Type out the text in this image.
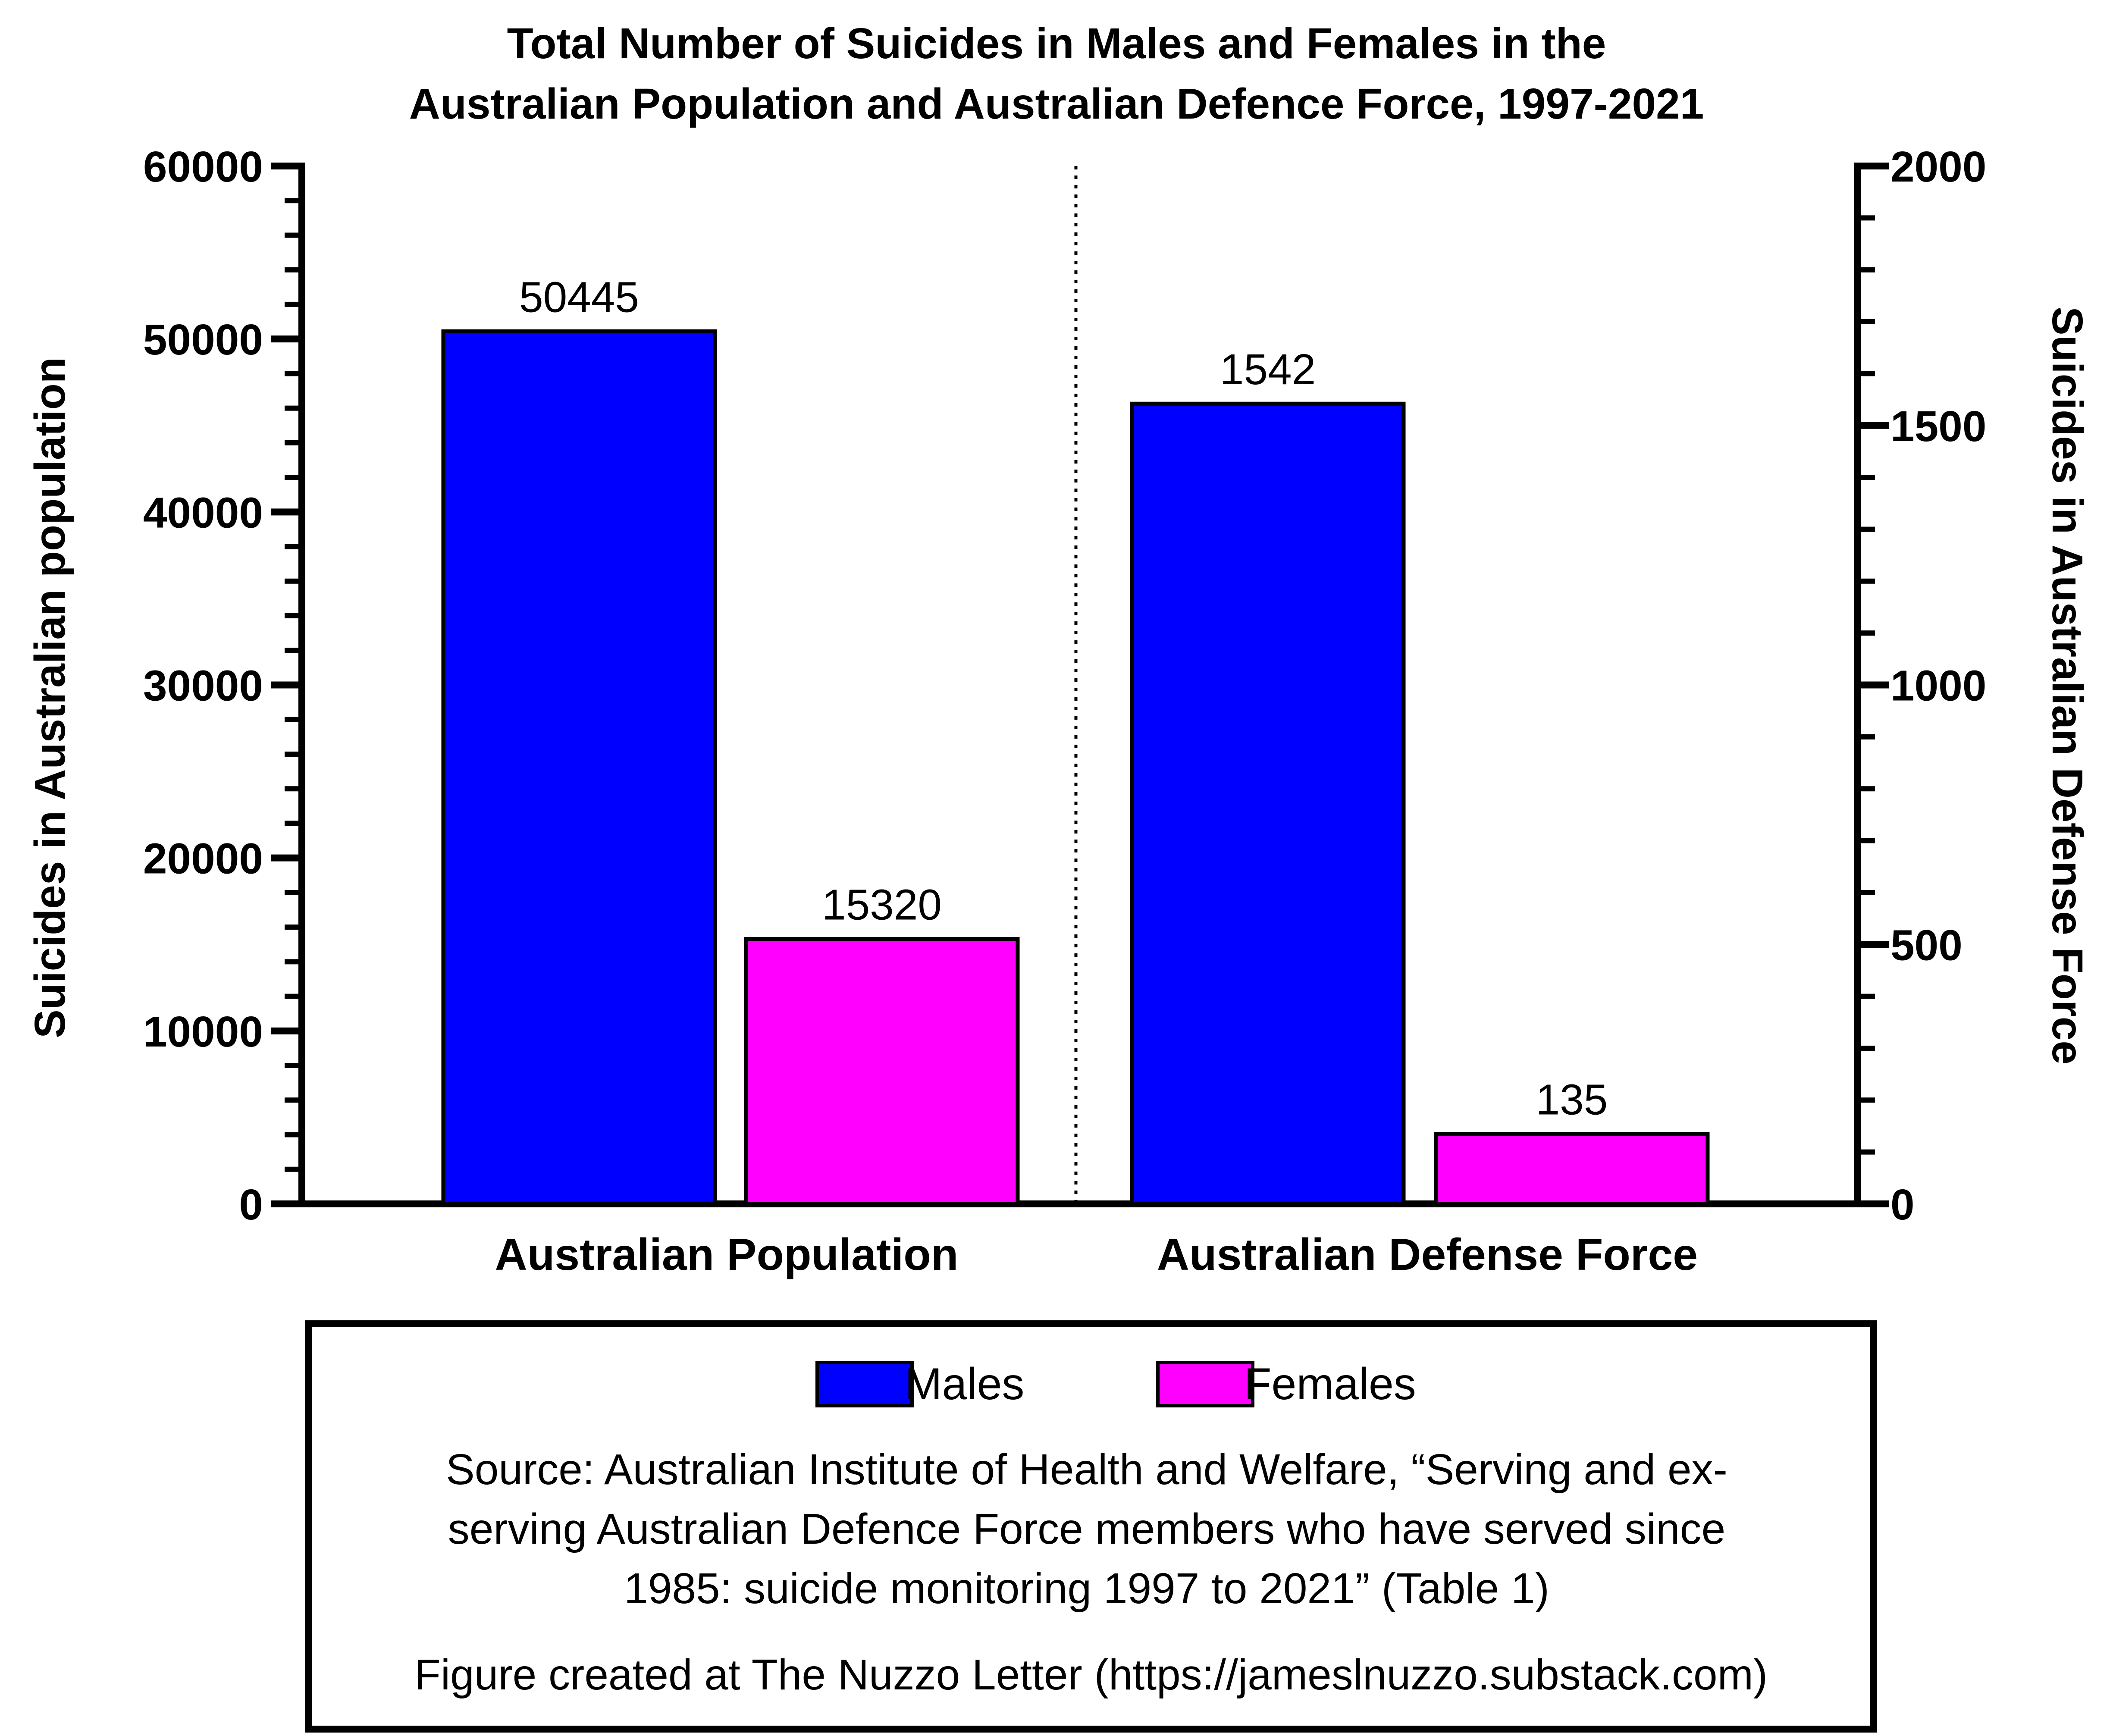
Total Number of Suicides in Males and Females in the
Australian Population and Australian Defence Force, 1997-2021
0
10000
20000
30000
40000
50000
60000
0
500
1000
1500
2000
50445
15320
1542
135
Suicides in Australian population	Suicides in Australian Defense Force
Australian Population	Australian Defense Force
Males	Females
Source: Australian Institute of Health and Welfare, “Serving and ex-
serving Australian Defence Force members who have served since
1985: suicide monitoring 1997 to 2021” (Table 1)
Figure created at The Nuzzo Letter (https://jameslnuzzo.substack.com)
